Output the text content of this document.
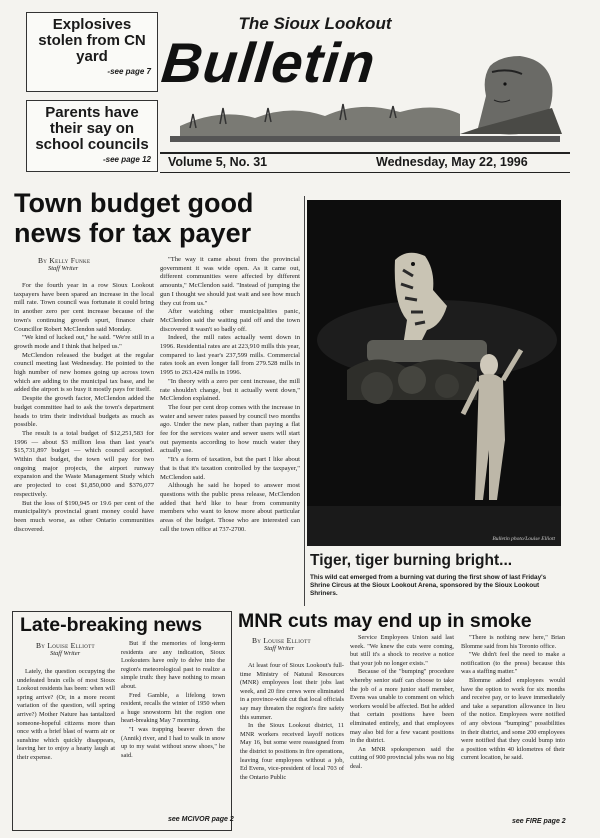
Explosives stolen from CN yard
-see page 7
Parents have their say on school councils
-see page 12
The Sioux Lookout
Bulletin
Volume 5, No. 31	Wednesday, May 22, 1996
Town budget good
news for tax payer
By Kelly Funke
Staff Writer

For the fourth year in a row Sioux Lookout taxpayers have been spared an increase in the local mill rate. Town council was fortunate it could bring in another zero per cent increase because of the town's continuing growth spurt, finance chair Councillor Robert McClendon said Monday.

"We kind of lucked out," he said. "We're still in a growth mode and I think that helped us."

McClendon released the budget at the regular council meeting last Wednesday. He pointed to the high number of new homes going up across town which are adding to the municipal tax base, and he added the airport is so busy it mostly pays for itself.

Despite the growth factor, McClendon added the budget committee had to ask the town's department heads to trim their individual budgets as much as possible.

The result is a total budget of $12,251,583 for 1996 — about $3 million less than last year's $15,731,897 budget — which council accepted. Within that budget, the town will pay for two ongoing major projects, the airport runway expansion and the Waste Management Study which are projected to cost $1,850,000 and $376,077 respectively.

But the loss of $190,945 or 19.6 per cent of the municipality's provincial grant money could have been much worse, as other Ontario communities discovered.

"The way it came about from the provincial government it was wide open. As it came out, different communities were affected by different amounts," McClendon said. "Instead of jumping the gun I thought we should just wait and see how much they cut from us."

After watching other municipalities panic, McClendon said the waiting paid off and the town discovered it wasn't so badly off.

Indeed, the mill rates actually went down in 1996. Residential rates are at 223,910 mills this year, compared to last year's 237,599 mills. Commercial rates took an even longer fall from 279.528 mills in 1995 to 263.424 mills in 1996.

"In theory with a zero per cent increase, the mill rate shouldn't change, but it actually went down," McClendon explained.

The four per cent drop comes with the increase in water and sewer rates passed by council two months ago. Under the new plan, rather than paying a flat fee for the services water and sewer users will start out payments according to how much water they actually use.

"It's a form of taxation, but the part I like about that is that it's taxation controlled by the taxpayer," McClendon said.

Although he said he hoped to answer most questions with the public press release, McClendon added that he'd like to hear from community members who want to know more about particular areas of the budget. Those who are interested can call the town office at 737-2700.

Bulletin photo/Louise Elliott
Tiger, tiger burning bright...
This wild cat emerged from a burning vat during the first show of last Friday's Shrine Circus at the Sioux Lookout Arena, sponsored by the Sioux Lookout Shriners.
Late-breaking news
By Louise Elliott
Staff Writer

Lately, the question occupying the undefeated brain cells of most Sioux Lookout residents has been: when will spring arrive? (Or, in a more recent variation of the question, will spring arrive?) Mother Nature has tantalized someone-hopeful citizens more than once with a brief blast of warm air or sunshine which quickly disappears, leaving her to enjoy a hearty laugh at their expense.

But if the memories of long-term residents are any indication, Sioux Lookouters have only to delve into the region's meteorological past to realize a simple truth: they have nothing to moan about.

Fred Gamble, a lifelong town resident, recalls the winter of 1950 when a huge snowstorm hit the region one heart-breaking May 7 morning.

"I was trapping beaver down the (Annik) river, and I had to walk in snow up to my waist without snow shoes," he said.

see MCIVOR page 2
MNR cuts may end up in smoke
By Louise Elliott
Staff Writer

At least four of Sioux Lookout's full-time Ministry of Natural Resources (MNR) employees lost their jobs last week, and 20 fire crews were eliminated in a province-wide cut that local officials say may threaten the region's fire safety this summer.

In the Sioux Lookout district, 11 MNR workers received layoff notices May 16, but some were reassigned from the district to positions in fire operations, leaving four employees without a job, Ed Evens, vice-president of local 703 of the Ontario Public

Service Employees Union said last week. "We knew the cuts were coming, but still it's a shock to receive a notice that your job no longer exists."

Because of the "bumping" procedure whereby senior staff can choose to take the job of a more junior staff member, Evens was unable to comment on which workers would be affected. But he added that certain positions have been eliminated entirely, and that employees may also bid for a few vacant positions in the district.

An MNR spokesperson said the cutting of 900 provincial jobs was no big deal.

"There is nothing new here," Brian Blomme said from his Toronto office.

"We didn't feel the need to make a notification (to the press) because this was a staffing matter."

Blomme added employees would have the option to work for six months and receive pay, or to leave immediately and take a separation allowance in lieu of the notice. Employees were notified of any obvious "bumping" possibilities in their district, and some 200 employees were notified that they could bump into a position within 40 kilometres of their current location, he said.

see FIRE page 2
